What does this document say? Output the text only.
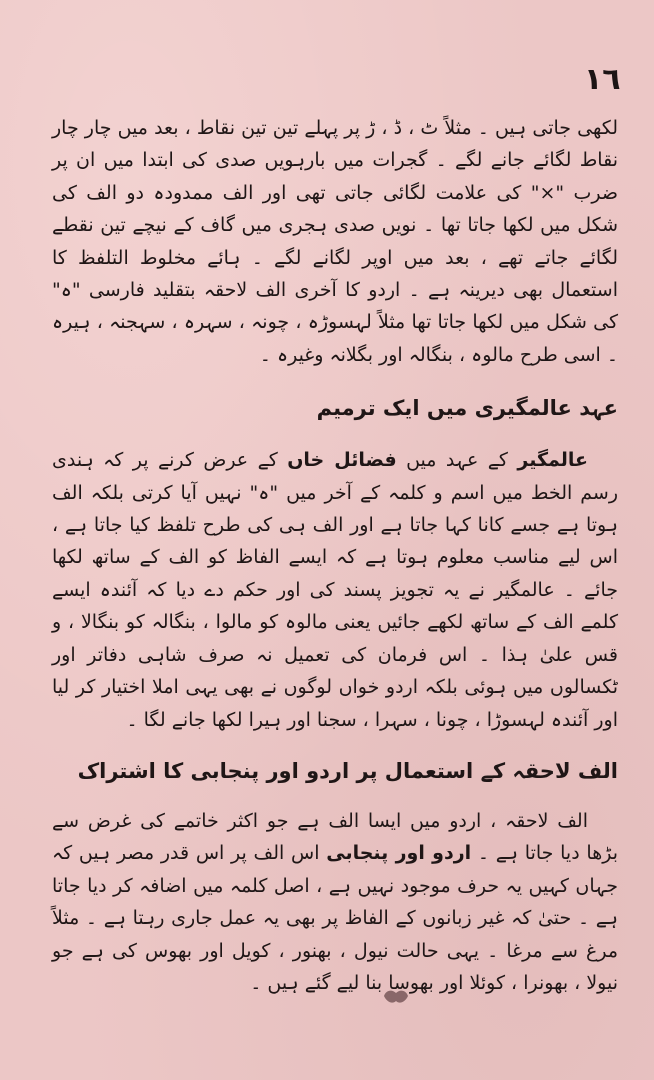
١٦

لکھی جاتی ہیں ۔ مثلاً ٹ ، ڈ ، ڑ پر پہلے تین تین نقاط ، بعد میں چار چار نقاط لگائے جانے لگے ۔ گجرات میں بارہویں صدی کی ابتدا میں ان پر ضرب "×" کی علامت لگائی جاتی تھی اور الف ممدودہ دو الف کی شکل میں لکھا جاتا تھا ۔ نویں صدی ہجری میں گاف کے نیچے تین نقطے لگائے جاتے تھے ، بعد میں اوپر لگانے لگے ۔ ہائے مخلوط التلفظ کا استعمال بھی دیرینہ ہے ۔ اردو کا آخری الف لاحقہ بتقلید فارسی "ہ" کی شکل میں لکھا جاتا تھا مثلاً لہسوڑہ ، چونہ ، سہرہ ، سہجنہ ، ہیرہ ۔ اسی طرح مالوہ ، بنگالہ اور بگلانہ وغیرہ ۔

عہد عالمگیری میں ایک ترمیم

عالمگیر کے عہد میں فضائل خاں کے عرض کرنے پر کہ ہندی رسم الخط میں اسم و کلمہ کے آخر میں "ہ" نہیں آیا کرتی بلکہ الف ہوتا ہے جسے کانا کہا جاتا ہے اور الف ہی کی طرح تلفظ کیا جاتا ہے ، اس لیے مناسب معلوم ہوتا ہے کہ ایسے الفاظ کو الف کے ساتھ لکھا جائے ۔ عالمگیر نے یہ تجویز پسند کی اور حکم دے دیا کہ آئندہ ایسے کلمے الف کے ساتھ لکھے جائیں یعنی مالوہ کو مالوا ، بنگالہ کو بنگالا ، و قس علیٰ ہذا ۔ اس فرمان کی تعمیل نہ صرف شاہی دفاتر اور ٹکسالوں میں ہوئی بلکہ اردو خواں لوگوں نے بھی یہی املا اختیار کر لیا اور آئندہ لہسوڑا ، چونا ، سہرا ، سجنا اور ہیرا لکھا جانے لگا ۔

الف لاحقہ کے استعمال پر اردو اور پنجابی کا اشتراک

الف لاحقہ ، اردو میں ایسا الف ہے جو اکثر خاتمے کی غرض سے بڑھا دیا جاتا ہے ۔ اردو اور پنجابی اس الف پر اس قدر مصر ہیں کہ جہاں کہیں یہ حرف موجود نہیں ہے ، اصل کلمہ میں اضافہ کر دیا جاتا ہے ۔ حتیٰ کہ غیر زبانوں کے الفاظ پر بھی یہ عمل جاری رہتا ہے ۔ مثلاً مرغ سے مرغا ۔ یہی حالت نیول ، بھنور ، کویل اور بھوس کی ہے جو نیولا ، بھونرا ، کوئلا اور بھوسا بنا لیے گئے ہیں ۔
